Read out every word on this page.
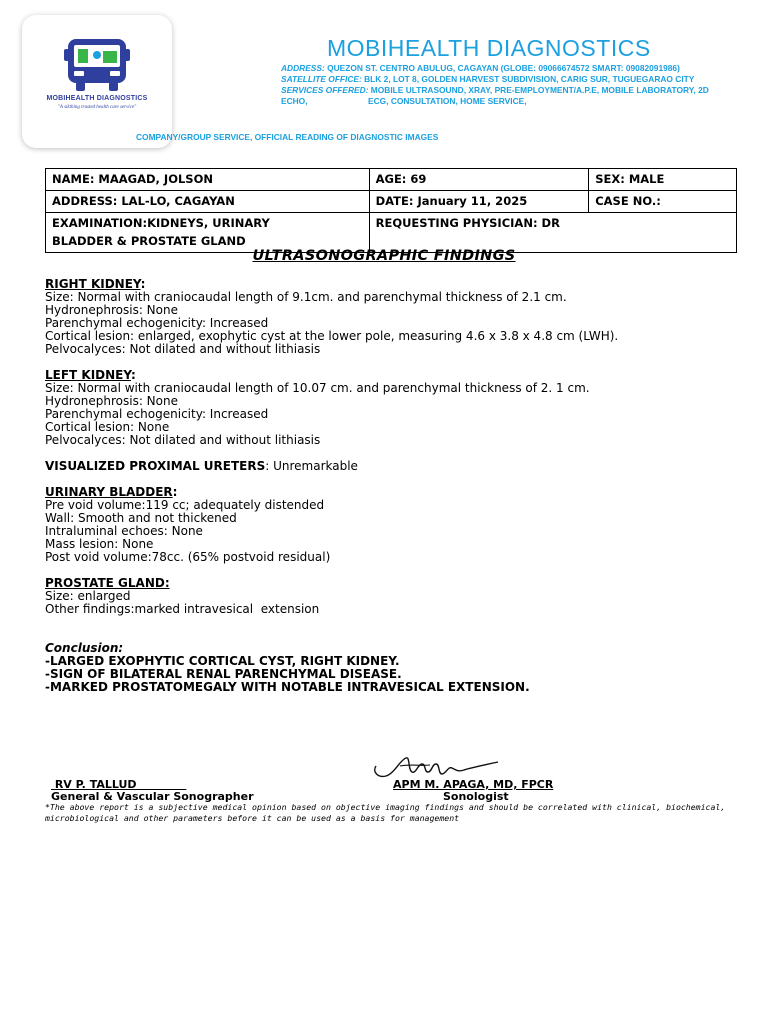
MOBIHEALTH DIAGNOSTICS
"A sikthing trusted health care service"
MOBIHEALTH DIAGNOSTICS
ADDRESS: QUEZON ST. CENTRO ABULUG, CAGAYAN (GLOBE: 09066674572 SMART: 09082091986)
SATELLITE OFFICE: BLK 2, LOT 8, GOLDEN HARVEST SUBDIVISION, CARIG SUR, TUGUEGARAO CITY
SERVICES OFFERED: MOBILE ULTRASOUND, XRAY, PRE-EMPLOYMENT/A.P.E, MOBILE LABORATORY, 2D ECHO,                          ECG, CONSULTATION, HOME SERVICE,
COMPANY/GROUP SERVICE, OFFICIAL READING OF DIAGNOSTIC IMAGES
NAME: MAAGAD, JOLSON	AGE: 69	SEX: MALE
ADDRESS: LAL-LO, CAGAYAN	DATE: January 11, 2025	CASE NO.:

EXAMINATION:KIDNEYS, URINARY
BLADDER & PROSTATE GLAND	REQUESTING PHYSICIAN: DR	
ULTRASONOGRAPHIC FINDINGS
RIGHT KIDNEY:
Size: Normal with craniocaudal length of 9.1cm. and parenchymal thickness of 2.1 cm.
Hydronephrosis: None
Parenchymal echogenicity: Increased
Cortical lesion: enlarged, exophytic cyst at the lower pole, measuring 4.6 x 3.8 x 4.8 cm (LWH).
Pelvocalyces: Not dilated and without lithiasis
LEFT KIDNEY:
Size: Normal with craniocaudal length of 10.07 cm. and parenchymal thickness of 2. 1 cm.
Hydronephrosis: None
Parenchymal echogenicity: Increased
Cortical lesion: None
Pelvocalyces: Not dilated and without lithiasis
VISUALIZED PROXIMAL URETERS: Unremarkable
URINARY BLADDER:
Pre void volume:119 cc; adequately distended
Wall: Smooth and not thickened
Intraluminal echoes: None
Mass lesion: None
Post void volume:78cc. (65% postvoid residual)
PROSTATE GLAND:
Size: enlarged
Other findings:marked intravesical  extension
Conclusion:
-LARGED EXOPHYTIC CORTICAL CYST, RIGHT KIDNEY.
-SIGN OF BILATERAL RENAL PARENCHYMAL DISEASE.
-MARKED PROSTATOMEGALY WITH NOTABLE INTRAVESICAL EXTENSION.
RV P. TALLUD
General & Vascular Sonographer
APM M. APAGA, MD, FPCR
Sonologist
*The above report is a subjective medical opinion based on objective imaging findings and should be correlated with clinical, biochemical, microbiological and other parameters before it can be used as a basis for management
